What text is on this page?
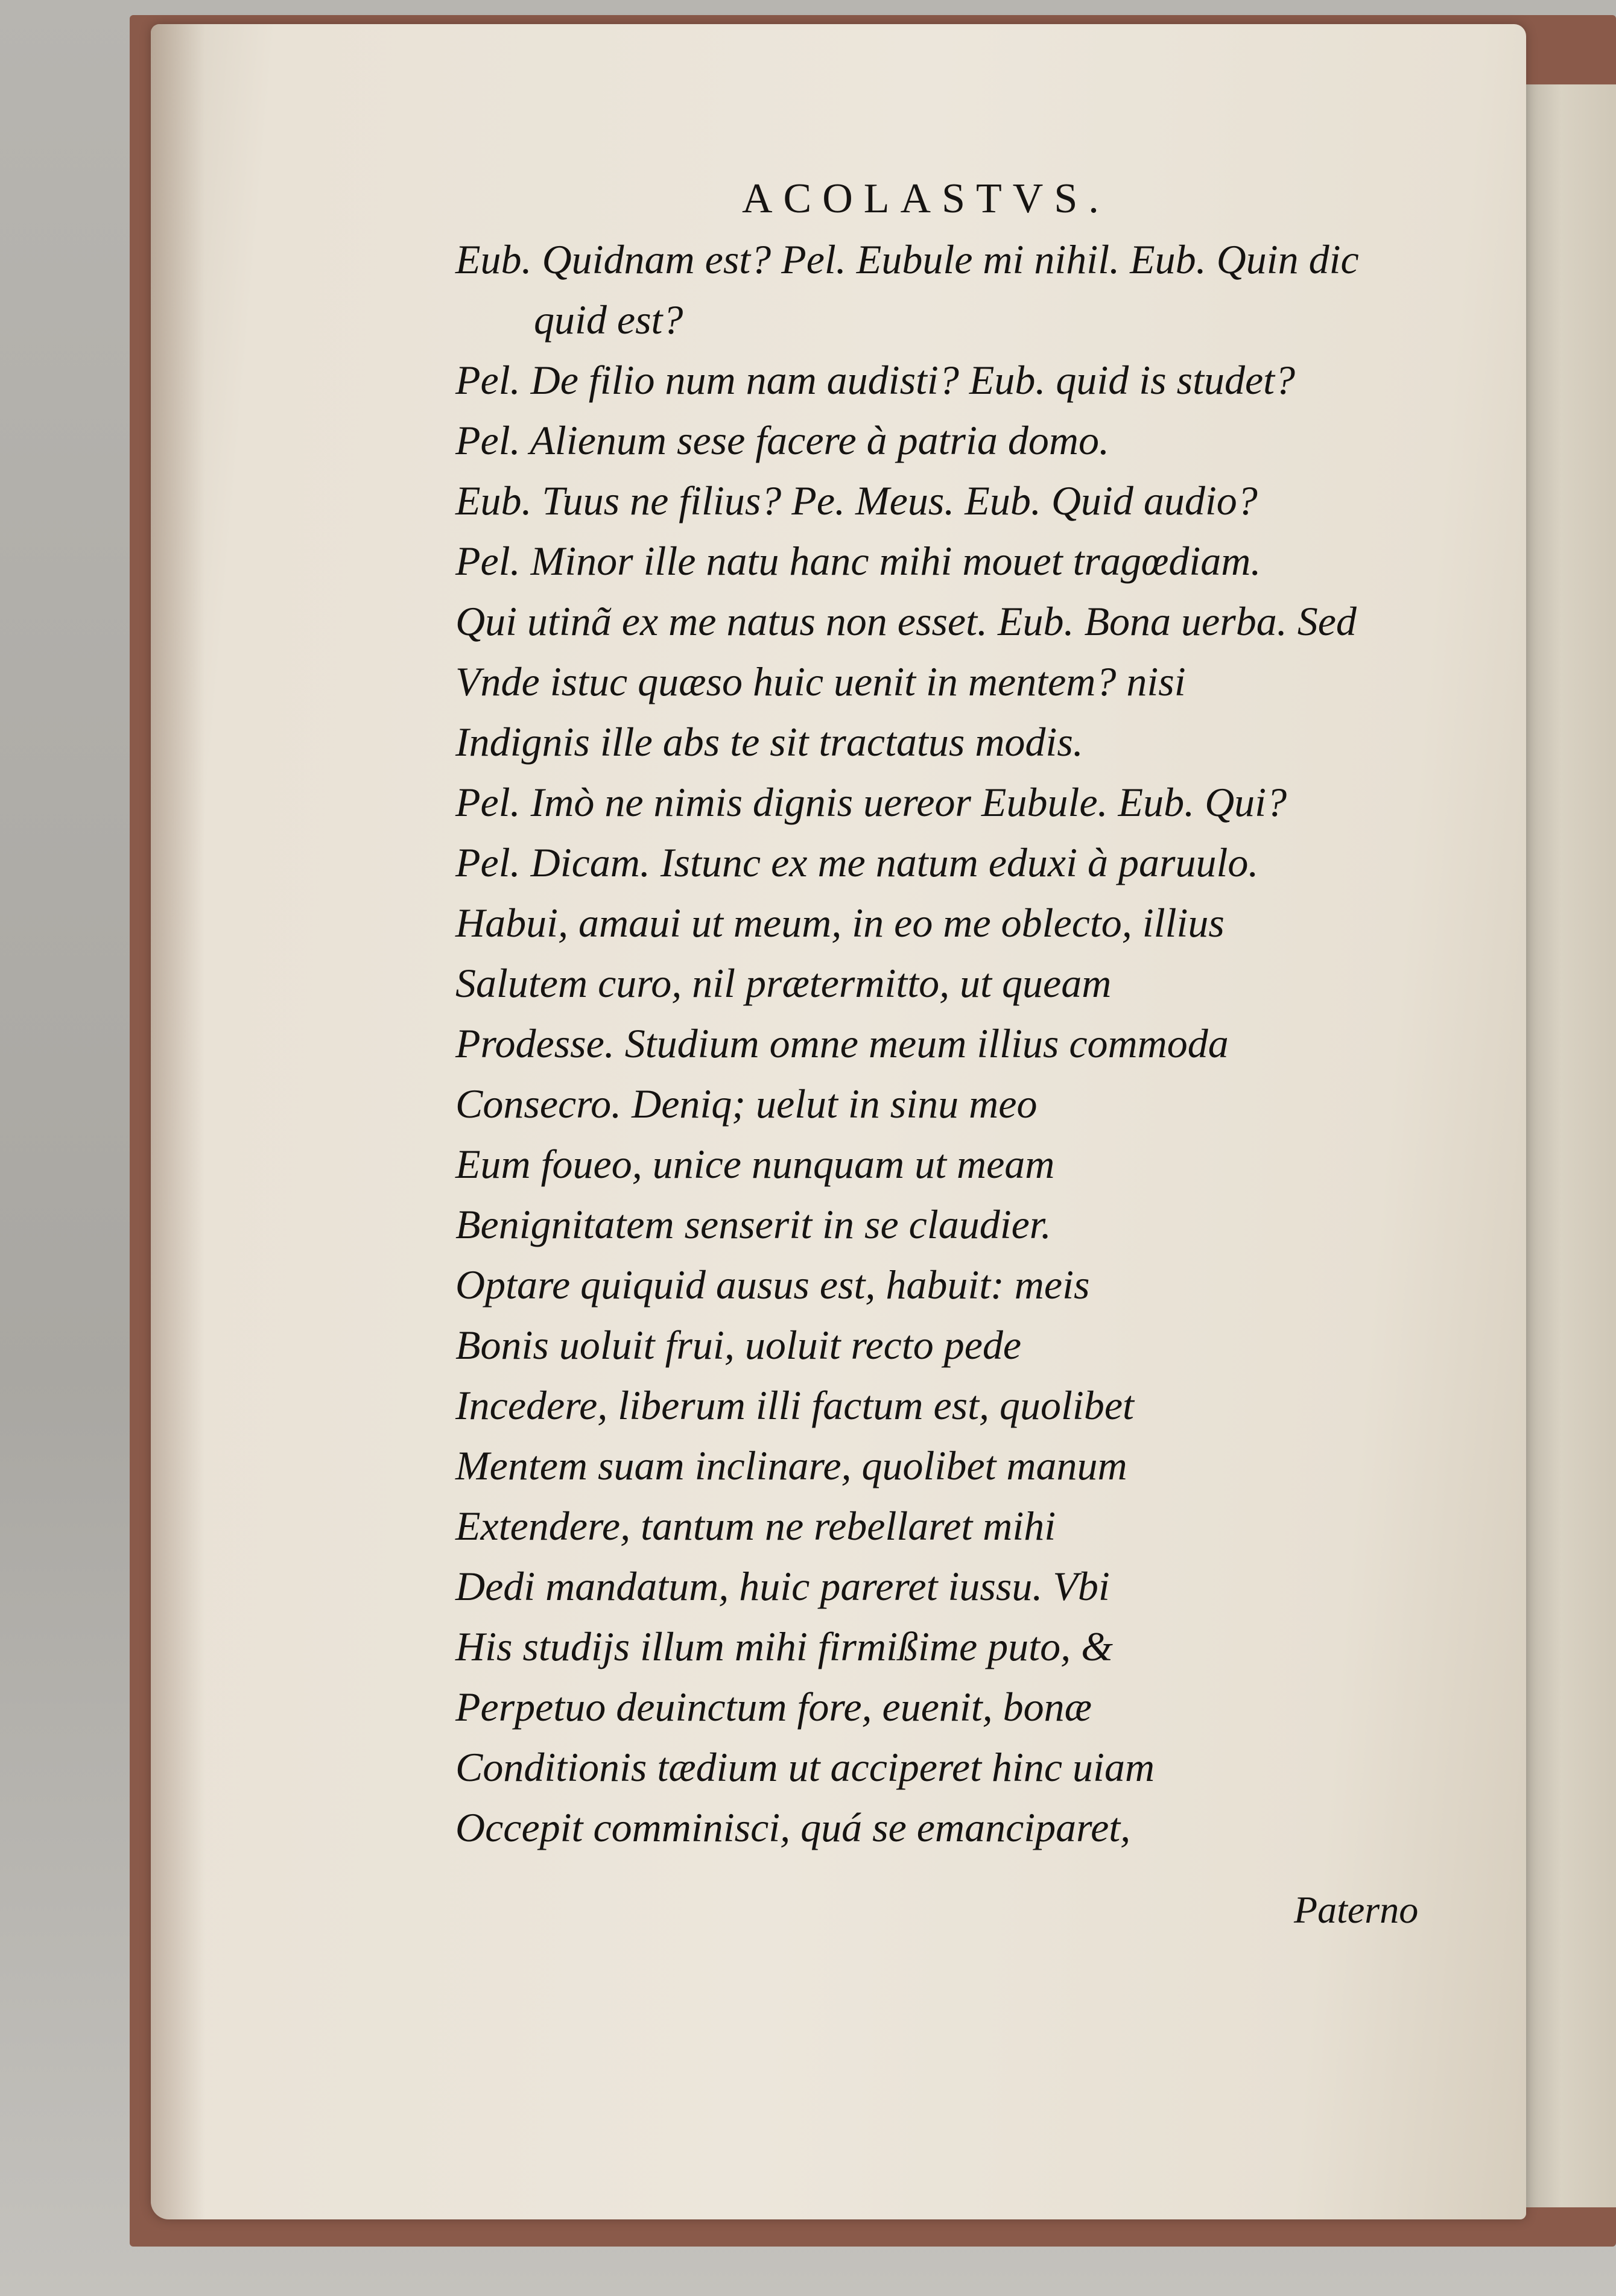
ACOLASTVS.
Eub. Quidnam est? Pel. Eubule mi nihil. Eub. Quin dic
quid est?
Pel. De filio num nam audisti? Eub. quid is studet?
Pel. Alienum sese facere à patria domo.
Eub. Tuus ne filius? Pe. Meus. Eub. Quid audio?
Pel. Minor ille natu hanc mihi mouet tragœdiam.
Qui utinã ex me natus non esset. Eub. Bona uerba. Sed
Vnde istuc quæso huic uenit in mentem? nisi
Indignis ille abs te sit tractatus modis.
Pel. Imò ne nimis dignis uereor Eubule. Eub. Qui?
Pel. Dicam. Istunc ex me natum eduxi à paruulo.
Habui, amaui ut meum, in eo me oblecto, illius
Salutem curo, nil prætermitto, ut queam
Prodesse. Studium omne meum illius commoda
Consecro. Deniq; uelut in sinu meo
Eum foueo, unice nunquam ut meam
Benignitatem senserit in se claudier.
Optare quiquid ausus est, habuit: meis
Bonis uoluit frui, uoluit recto pede
Incedere, liberum illi factum est, quolibet
Mentem suam inclinare, quolibet manum
Extendere, tantum ne rebellaret mihi
Dedi mandatum, huic pareret iussu. Vbi
His studijs illum mihi firmißime puto, &
Perpetuo deuinctum fore, euenit, bonæ
Conditionis tædium ut acciperet hinc uiam
Occepit comminisci, quá se emanciparet,
Paterno
